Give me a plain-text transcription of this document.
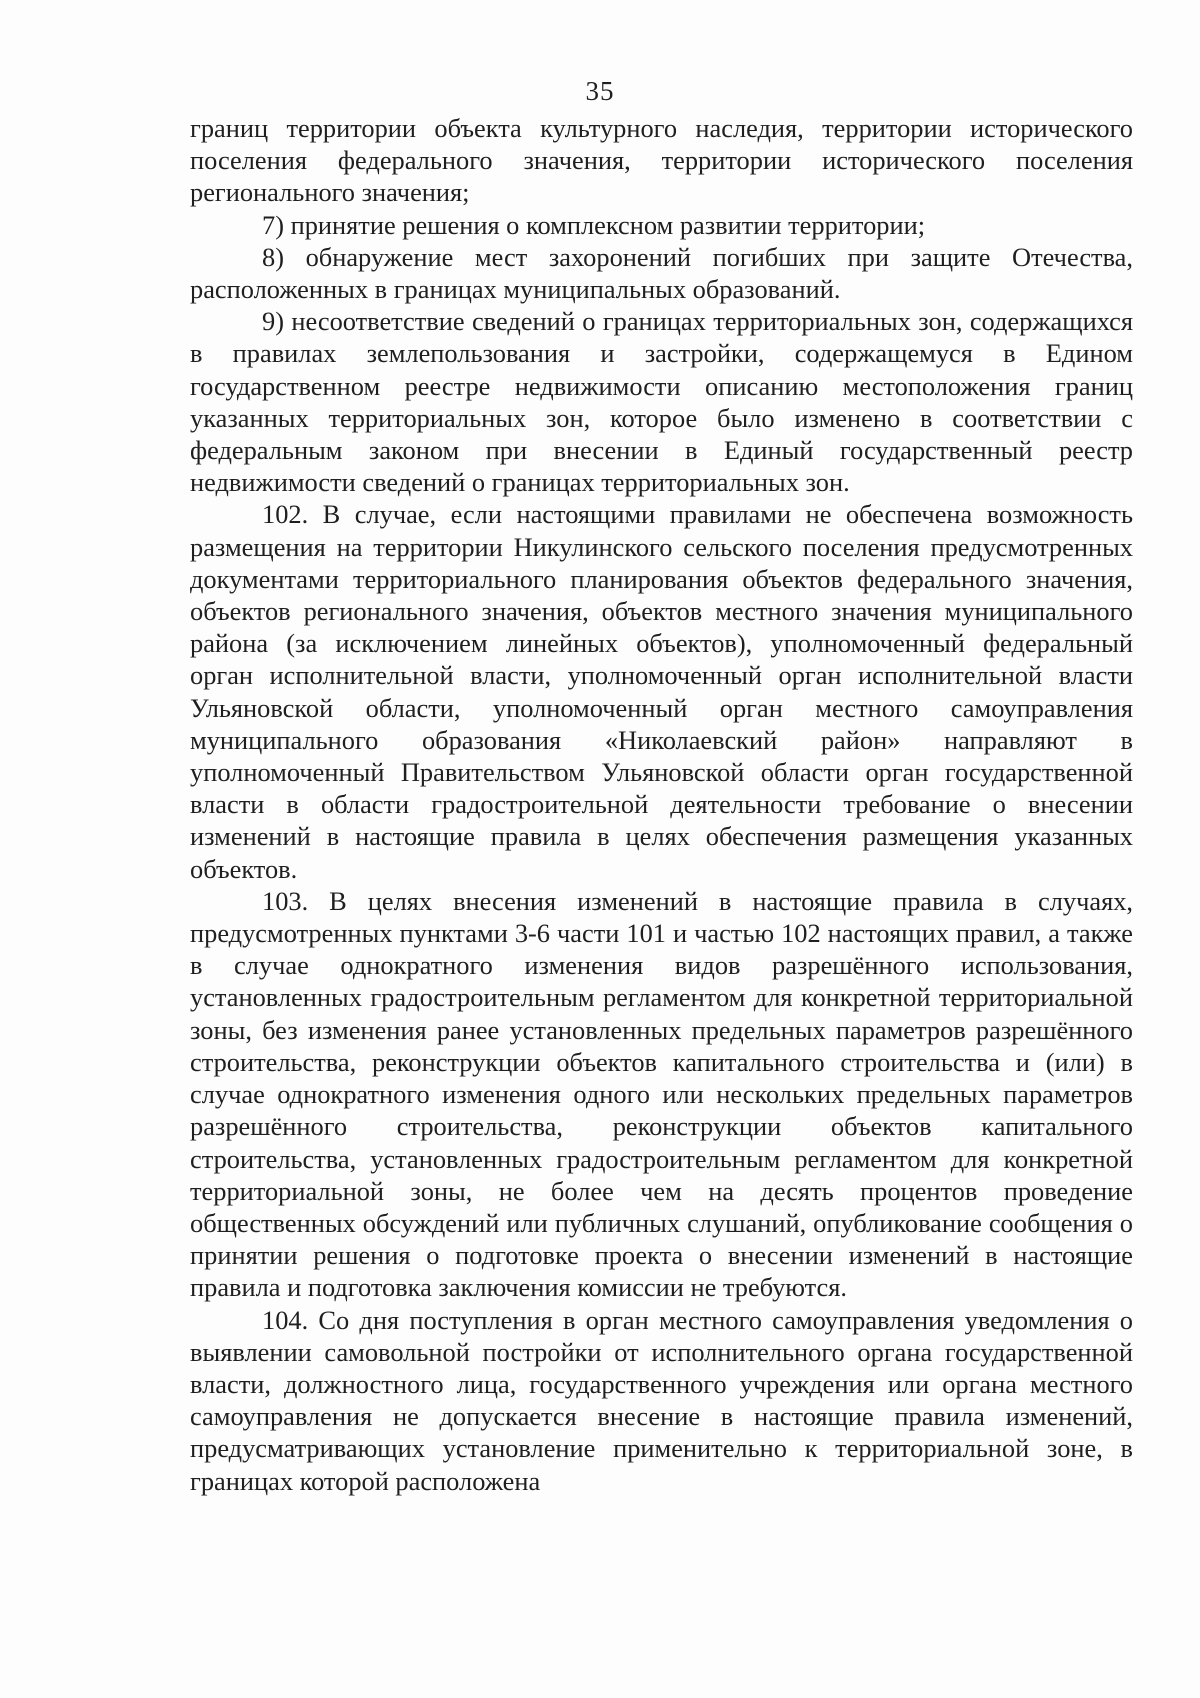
35

границ территории объекта культурного наследия, территории исторического поселения федерального значения, территории исторического поселения регионального значения;

7) принятие решения о комплексном развитии территории;

8) обнаружение мест захоронений погибших при защите Отечества, расположенных в границах муниципальных образований.

9) несоответствие сведений о границах территориальных зон, содержащихся в правилах землепользования и застройки, содержащемуся в Едином государственном реестре недвижимости описанию местоположения границ указанных территориальных зон, которое было изменено в соответствии с федеральным законом при внесении в Единый государственный реестр недвижимости сведений о границах территориальных зон.

102. В случае, если настоящими правилами не обеспечена возможность размещения на территории Никулинского сельского поселения предусмотренных документами территориального планирования объектов федерального значения, объектов регионального значения, объектов местного значения муниципального района (за исключением линейных объектов), уполномоченный федеральный орган исполнительной власти, уполномоченный орган исполнительной власти Ульяновской области, уполномоченный орган местного самоуправления муниципального образования «Николаевский район» направляют в уполномоченный Правительством Ульяновской области орган государственной власти в области градостроительной деятельности требование о внесении изменений в настоящие правила в целях обеспечения размещения указанных объектов.

103. В целях внесения изменений в настоящие правила в случаях, предусмотренных пунктами 3-6 части 101 и частью 102 настоящих правил, а также в случае однократного изменения видов разрешённого использования, установленных градостроительным регламентом для конкретной территориальной зоны, без изменения ранее установленных предельных параметров разрешённого строительства, реконструкции объектов капитального строительства и (или) в случае однократного изменения одного или нескольких предельных параметров разрешённого строительства, реконструкции объектов капитального строительства, установленных градостроительным регламентом для конкретной территориальной зоны, не более чем на десять процентов проведение общественных обсуждений или публичных слушаний, опубликование сообщения о принятии решения о подготовке проекта о внесении изменений в настоящие правила и подготовка заключения комиссии не требуются.

104. Со дня поступления в орган местного самоуправления уведомления о выявлении самовольной постройки от исполнительного органа государственной власти, должностного лица, государственного учреждения или органа местного самоуправления не допускается внесение в настоящие правила изменений, предусматривающих установление применительно к территориальной зоне, в границах которой расположена
